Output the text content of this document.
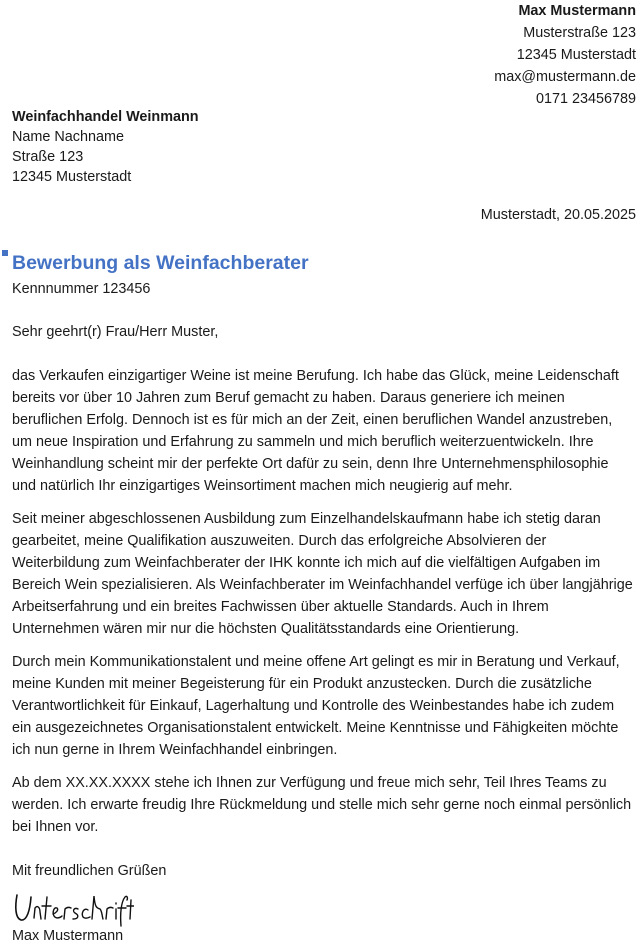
Max Mustermann
Musterstraße 123
12345 Musterstadt
max@mustermann.de
0171 23456789
Weinfachhandel Weinmann
Name Nachname
Straße 123
12345 Musterstadt
Musterstadt, 20.05.2025
Bewerbung als Weinfachberater
Kennnummer 123456
Sehr geehrt(r) Frau/Herr Muster,

das Verkaufen einzigartiger Weine ist meine Berufung. Ich habe das Glück, meine Leidenschaft bereits vor über 10 Jahren zum Beruf gemacht zu haben. Daraus generiere ich meinen beruflichen Erfolg. Dennoch ist es für mich an der Zeit, einen beruflichen Wandel anzustreben, um neue Inspiration und Erfahrung zu sammeln und mich beruflich weiterzuentwickeln. Ihre Weinhandlung scheint mir der perfekte Ort dafür zu sein, denn Ihre Unternehmensphilosophie und natürlich Ihr einzigartiges Weinsortiment machen mich neugierig auf mehr.

Seit meiner abgeschlossenen Ausbildung zum Einzelhandelskaufmann habe ich stetig daran gearbeitet, meine Qualifikation auszuweiten. Durch das erfolgreiche Absolvieren der Weiterbildung zum Weinfachberater der IHK konnte ich mich auf die vielfältigen Aufgaben im Bereich Wein spezialisieren. Als Weinfachberater im Weinfachhandel verfüge ich über langjährige Arbeitserfahrung und ein breites Fachwissen über aktuelle Standards. Auch in Ihrem Unternehmen wären mir nur die höchsten Qualitätsstandards eine Orientierung.

Durch mein Kommunikationstalent und meine offene Art gelingt es mir in Beratung und Verkauf, meine Kunden mit meiner Begeisterung für ein Produkt anzustecken. Durch die zusätzliche Verantwortlichkeit für Einkauf, Lagerhaltung und Kontrolle des Weinbestandes habe ich zudem ein ausgezeichnetes Organisationstalent entwickelt. Meine Kenntnisse und Fähigkeiten möchte ich nun gerne in Ihrem Weinfachhandel einbringen.

Ab dem XX.XX.XXXX stehe ich Ihnen zur Verfügung und freue mich sehr, Teil Ihres Teams zu werden. Ich erwarte freudig Ihre Rückmeldung und stelle mich sehr gerne noch einmal persönlich bei Ihnen vor.

Mit freundlichen Grüßen
Max Mustermann
